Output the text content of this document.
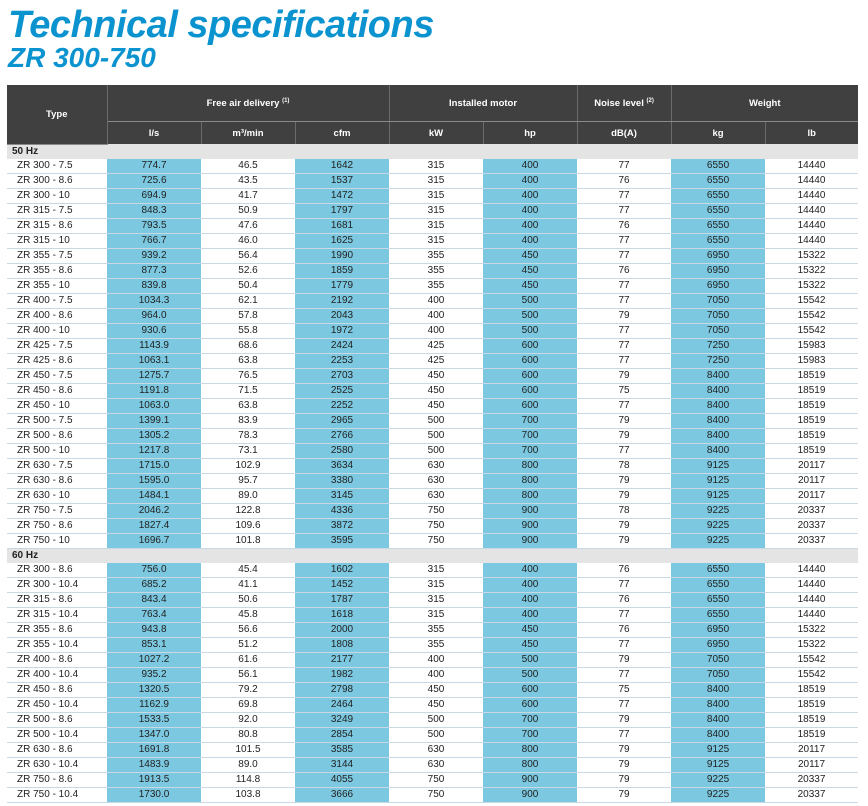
Technical specifications
ZR 300-750
Type	Free air delivery $^{(1)}$			Installed motor		Noise level $^{(2)}$	Weight	
	l/s	m³/min	cfm	kW	hp	dB(A)	kg	lb
50 Hz								
ZR 300 - 7.5	774.7	46.5	1642	315	400	77	6550	14440
ZR 300 - 8.6	725.6	43.5	1537	315	400	76	6550	14440
ZR 300 - 10	694.9	41.7	1472	315	400	77	6550	14440
ZR 315 - 7.5	848.3	50.9	1797	315	400	77	6550	14440
ZR 315 - 8.6	793.5	47.6	1681	315	400	76	6550	14440
ZR 315 - 10	766.7	46.0	1625	315	400	77	6550	14440
ZR 355 - 7.5	939.2	56.4	1990	355	450	77	6950	15322
ZR 355 - 8.6	877.3	52.6	1859	355	450	76	6950	15322
ZR 355 - 10	839.8	50.4	1779	355	450	77	6950	15322
ZR 400 - 7.5	1034.3	62.1	2192	400	500	77	7050	15542
ZR 400 - 8.6	964.0	57.8	2043	400	500	79	7050	15542
ZR 400 - 10	930.6	55.8	1972	400	500	77	7050	15542
ZR 425 - 7.5	1143.9	68.6	2424	425	600	77	7250	15983
ZR 425 - 8.6	1063.1	63.8	2253	425	600	77	7250	15983
ZR 450 - 7.5	1275.7	76.5	2703	450	600	79	8400	18519
ZR 450 - 8.6	1191.8	71.5	2525	450	600	75	8400	18519
ZR 450 - 10	1063.0	63.8	2252	450	600	77	8400	18519
ZR 500 - 7.5	1399.1	83.9	2965	500	700	79	8400	18519
ZR 500 - 8.6	1305.2	78.3	2766	500	700	79	8400	18519
ZR 500 - 10	1217.8	73.1	2580	500	700	77	8400	18519
ZR 630 - 7.5	1715.0	102.9	3634	630	800	78	9125	20117
ZR 630 - 8.6	1595.0	95.7	3380	630	800	79	9125	20117
ZR 630 - 10	1484.1	89.0	3145	630	800	79	9125	20117
ZR 750 - 7.5	2046.2	122.8	4336	750	900	78	9225	20337
ZR 750 - 8.6	1827.4	109.6	3872	750	900	79	9225	20337
ZR 750 - 10	1696.7	101.8	3595	750	900	79	9225	20337
60 Hz								
ZR 300 - 8.6	756.0	45.4	1602	315	400	76	6550	14440
ZR 300 - 10.4	685.2	41.1	1452	315	400	77	6550	14440
ZR 315 - 8.6	843.4	50.6	1787	315	400	76	6550	14440
ZR 315 - 10.4	763.4	45.8	1618	315	400	77	6550	14440
ZR 355 - 8.6	943.8	56.6	2000	355	450	76	6950	15322
ZR 355 - 10.4	853.1	51.2	1808	355	450	77	6950	15322
ZR 400 - 8.6	1027.2	61.6	2177	400	500	79	7050	15542
ZR 400 - 10.4	935.2	56.1	1982	400	500	77	7050	15542
ZR 450 - 8.6	1320.5	79.2	2798	450	600	75	8400	18519
ZR 450 - 10.4	1162.9	69.8	2464	450	600	77	8400	18519
ZR 500 - 8.6	1533.5	92.0	3249	500	700	79	8400	18519
ZR 500 - 10.4	1347.0	80.8	2854	500	700	77	8400	18519
ZR 630 - 8.6	1691.8	101.5	3585	630	800	79	9125	20117
ZR 630 - 10.4	1483.9	89.0	3144	630	800	79	9125	20117
ZR 750 - 8.6	1913.5	114.8	4055	750	900	79	9225	20337
ZR 750 - 10.4	1730.0	103.8	3666	750	900	79	9225	20337
